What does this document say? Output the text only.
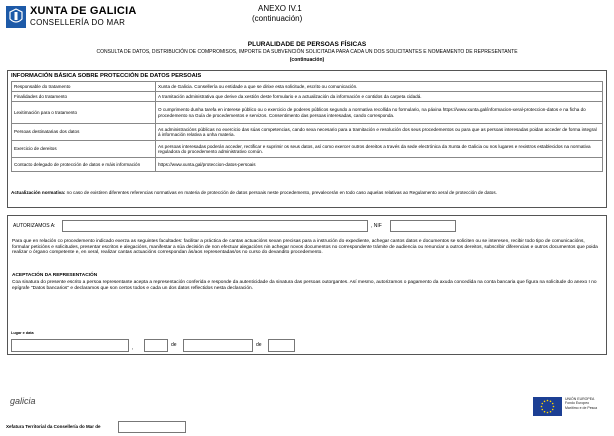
XUNTA DE GALICIA
CONSELLERÍA DO MAR
ANEXO IV.1
(continuación)
PLURALIDADE DE PERSOAS FÍSICAS
CONSULTA DE DATOS, DISTRIBUCIÓN DE COMPROMISOS, IMPORTE DA SUBVENCIÓN SOLICITADA PARA CADA UN DOS SOLICITANTES E NOMEAMENTO DE REPRESENTANTE
(continuación)
INFORMACIÓN BÁSICA SOBRE PROTECCIÓN DE DATOS PERSOAIS
Responsable do tratamento	Xunta de Galicia. Consellería ou entidade a que se dirixe esta solicitude, escrito ou comunicación.
Finalidades do tratamento	A tramitación administrativa que derive da xestión deste formulario e a actualización da información e contidos da carpeta cidadá.
Lexitimación para o tratamento	O cumprimento dunha tarefa en interese público ou o exercicio de poderes públicos segundo a normativa recollida no formulario, na páxina https://www.xunta.gal/informacion-xeral-proteccion-datos e na ficha do procedemento na Guía de procedementos e servizos. Consentimento das persoas interesadas, cando corresponda.
Persoas destinatarias dos datos	As administracións públicas no exercicio das súas competencias, cando sexa necesario para a tramitación e resolución dos seus procedementos ou para que as persoas interesadas poidan acceder de forma integral á información relativa a unha materia.
Exercicio de dereitos	As persoas interesadas poderán acceder, rectificar e suprimir os seus datos, así como exercer outros dereitos a través da sede electrónica da Xunta de Galicia ou nos lugares e rexistros establecidos na normativa reguladora do procedemento administrativo común.
Contacto delegado de protección de datos e máis información	https://www.xunta.gal/proteccion-datos-persoais
Actualización normativa: no caso de existiren diferentes referencias normativas en materia de protección de datos persoais neste procedemento, prevalecerán en todo caso aquelas relativas ao Regulamento xeral de protección de datos.
AUTORIZAMOS A:	, NIF
Para que en relación co procedemento indicado exerza as seguintes facultades: facilitar a práctica de cantas actuacións sexan precisas para a instrución do expediente, achegar cantos datos e documentos se soliciten ou se interesen, recibir todo tipo de comunicacións, formular peticións e solicitudes, presentar escritos e alegacións, manifestar a súa decisión de non efectuar alegacións nin achegar novos documentos no correspondente trámite de audiencia ou renunciar a outros dereitos, subscribir diferencias e outros documentos que poida realizar o órgano competente e, en xeral, realizar cantas actuacións correspondan ás/aos representadas/os no curso do devandito procedemento.
ACEPTACIÓN DA REPRESENTACIÓN
Coa sinatura do presente escrito a persoa representante acepta a representación conferida e responde da autenticidade da sinatura das persoas outorgantes. Así mesmo, autorizamos o pagamento da axuda concedida na conta bancaria que figura na solicitude do anexo I no epígrafe "Datos bancarios" e declaramos que son certos todos e cada un dos datos reflectidos nesta declaración.
Lugar e data
,	de	de
galicia	UNIÓN EUROPEA
Fondo Europeo
Marítimo e de Pesca
Xefatura Territorial da Consellería do Mar de
